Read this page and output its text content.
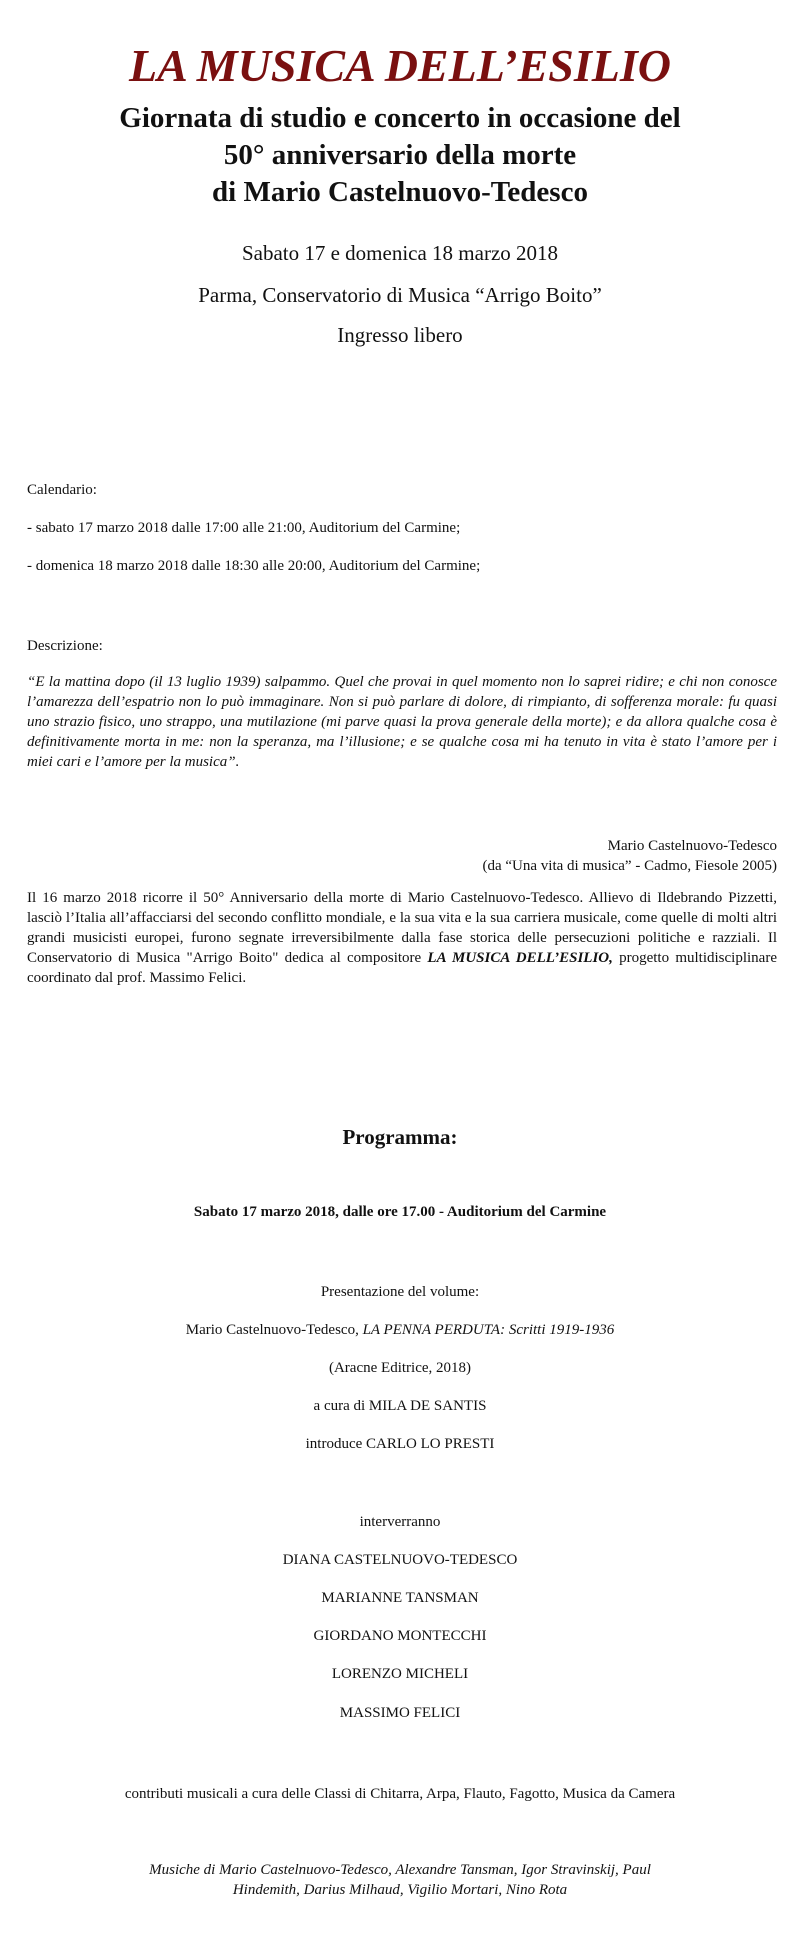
LA MUSICA DELL’ESILIO
Giornata di studio e concerto in occasione del
50° anniversario della morte
di Mario Castelnuovo-Tedesco
Sabato 17 e domenica 18 marzo 2018
Parma, Conservatorio di Musica “Arrigo Boito”
Ingresso libero
Calendario:
- sabato 17 marzo 2018 dalle 17:00 alle 21:00, Auditorium del Carmine;
- domenica 18 marzo 2018 dalle 18:30 alle 20:00, Auditorium del Carmine;
Descrizione:
“E la mattina dopo (il 13 luglio 1939) salpammo. Quel che provai in quel momento non lo saprei ridire; e chi non conosce l’amarezza dell’espatrio non lo può immaginare. Non si può parlare di dolore, di rimpianto, di sofferenza morale: fu quasi uno strazio fisico, uno strappo, una mutilazione (mi parve quasi la prova generale della morte); e da allora qualche cosa è definitivamente morta in me: non la speranza, ma l’illusione; e se qualche cosa mi ha tenuto in vita è stato l’amore per i miei cari e l’amore per la musica”.
Mario Castelnuovo-Tedesco
(da “Una vita di musica” - Cadmo, Fiesole 2005)
Il 16 marzo 2018 ricorre il 50° Anniversario della morte di Mario Castelnuovo-Tedesco. Allievo di Ildebrando Pizzetti, lasciò l’Italia all’affacciarsi del secondo conflitto mondiale, e la sua vita e la sua carriera musicale, come quelle di molti altri grandi musicisti europei, furono segnate irreversibilmente dalla fase storica delle persecuzioni politiche e razziali. Il Conservatorio di Musica "Arrigo Boito" dedica al compositore LA MUSICA DELL’ESILIO, progetto multidisciplinare coordinato dal prof. Massimo Felici.
Programma:
Sabato 17 marzo 2018, dalle ore 17.00 - Auditorium del Carmine
Presentazione del volume:
Mario Castelnuovo-Tedesco, LA PENNA PERDUTA: Scritti 1919-1936
(Aracne Editrice, 2018)
a cura di MILA DE SANTIS
introduce CARLO LO PRESTI
interverranno
DIANA CASTELNUOVO-TEDESCO
MARIANNE TANSMAN
GIORDANO MONTECCHI
LORENZO MICHELI
MASSIMO FELICI
contributi musicali a cura delle Classi di Chitarra, Arpa, Flauto, Fagotto, Musica da Camera
Musiche di Mario Castelnuovo-Tedesco, Alexandre Tansman, Igor Stravinskij, Paul
Hindemith, Darius Milhaud, Vigilio Mortari, Nino Rota
